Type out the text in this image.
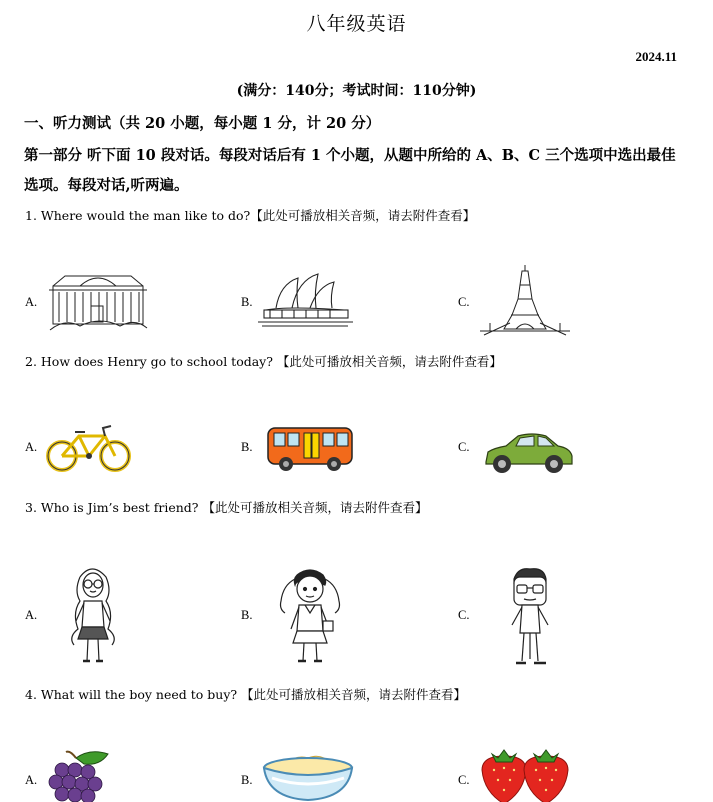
八年级英语
2024.11
(满分：140分；考试时间：110分钟)
一、听力测试（共 20 小题，每小题 1 分，计 20 分）
第一部分 听下面 10 段对话。每段对话后有 1 个小题，从题中所给的 A、B、C 三个选项中选出最佳选项。每段对话,听两遍。
1. Where would the man like to do?【此处可播放相关音频，请去附件查看】
A.	B.	C.
2. How does Henry go to school today? 【此处可播放相关音频，请去附件查看】
A.	B.	C.
3. Who is Jim’s best friend? 【此处可播放相关音频，请去附件查看】
A.	B.	C.
4. What will the boy need to buy? 【此处可播放相关音频，请去附件查看】
A.	B.	C.
